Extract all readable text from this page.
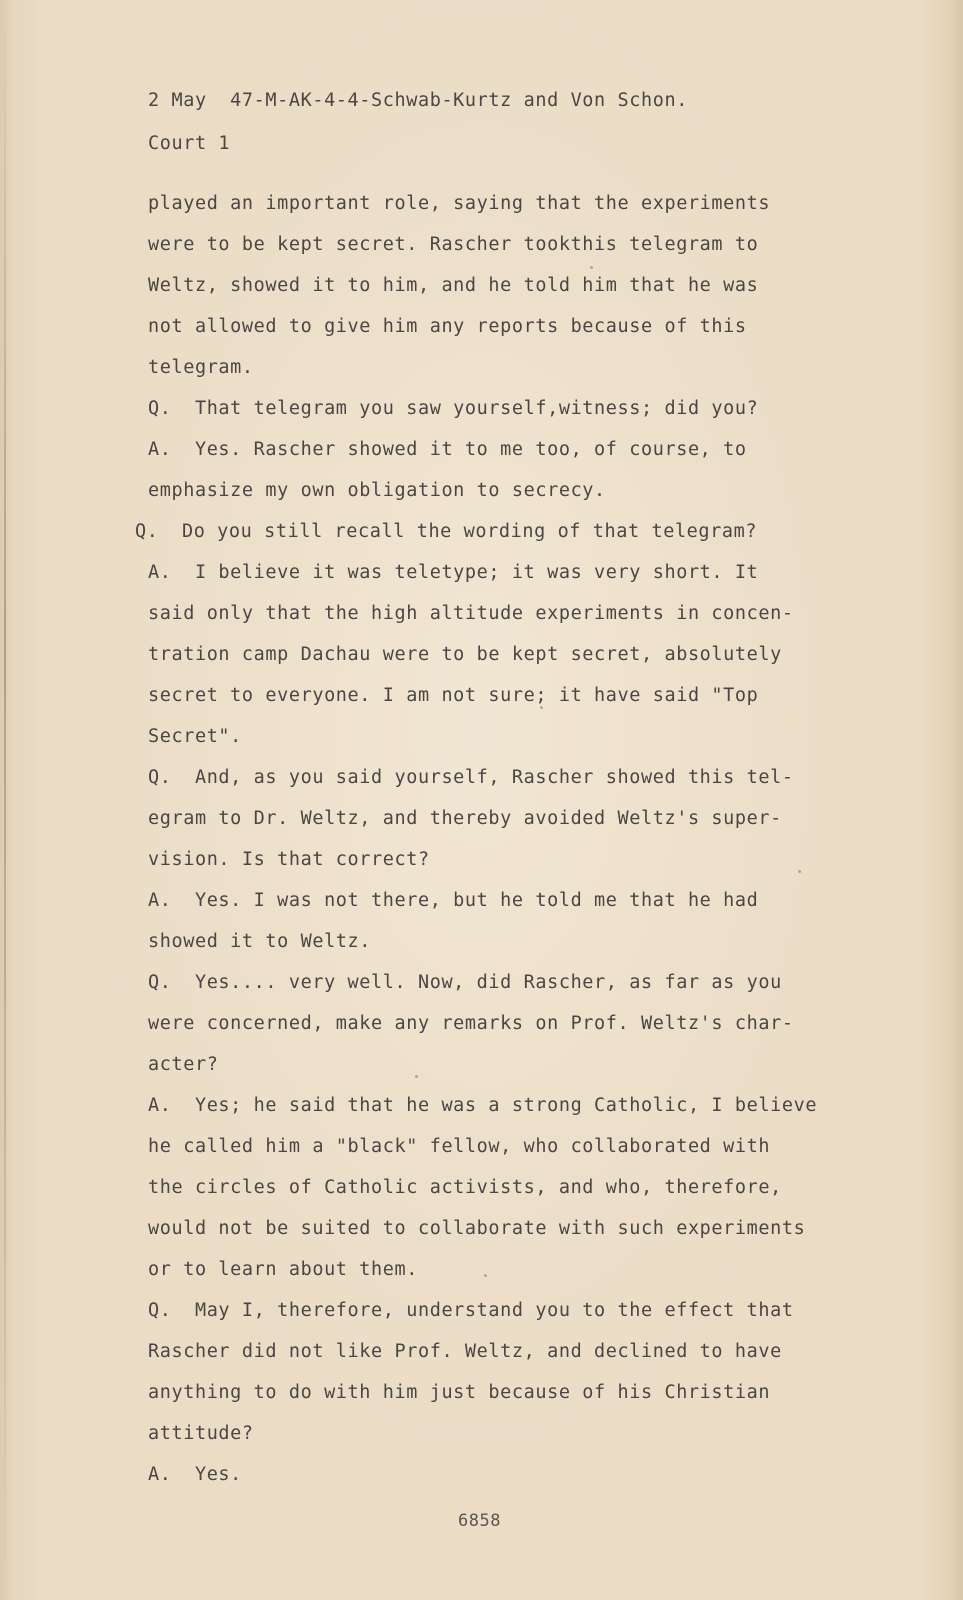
2 May  47-M-AK-4-4-Schwab-Kurtz and Von Schon.
Court 1
played an important role, saying that the experiments
were to be kept secret. Rascher tookthis telegram to
Weltz, showed it to him, and he told him that he was
not allowed to give him any reports because of this
telegram.
Q.  That telegram you saw yourself,witness; did you?
A.  Yes. Rascher showed it to me too, of course, to
emphasize my own obligation to secrecy.
Q.  Do you still recall the wording of that telegram?
A.  I believe it was teletype; it was very short. It
said only that the high altitude experiments in concen-
tration camp Dachau were to be kept secret, absolutely
secret to everyone. I am not sure; it have said "Top
Secret".
Q.  And, as you said yourself, Rascher showed this tel-
egram to Dr. Weltz, and thereby avoided Weltz's super-
vision. Is that correct?
A.  Yes. I was not there, but he told me that he had
showed it to Weltz.
Q.  Yes.... very well. Now, did Rascher, as far as you
were concerned, make any remarks on Prof. Weltz's char-
acter?
A.  Yes; he said that he was a strong Catholic, I believe
he called him a "black" fellow, who collaborated with
the circles of Catholic activists, and who, therefore,
would not be suited to collaborate with such experiments
or to learn about them.
Q.  May I, therefore, understand you to the effect that
Rascher did not like Prof. Weltz, and declined to have
anything to do with him just because of his Christian
attitude?
A.  Yes.
6858
